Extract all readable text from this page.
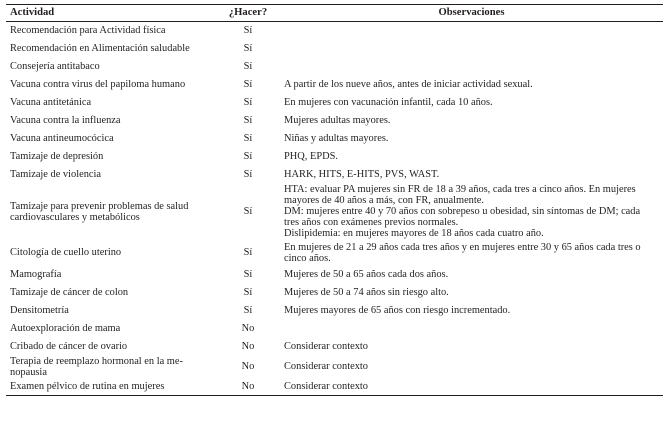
Actividad	¿Hacer?	Observaciones

Recomendación para Actividad física	Sí	

Recomendación en Alimentación saludable	Sí	

Consejería antitabaco	Sí	

Vacuna contra virus del papiloma humano	Sí	A partir de los nueve años, antes de iniciar actividad sexual.

Vacuna antitetánica	Sí	En mujeres con vacunación infantil, cada 10 años.

Vacuna contra la influenza	Sí	Mujeres adultas mayores.

Vacuna antineumocócica	Sí	Niñas y adultas mayores.

Tamizaje de depresión	Sí	PHQ, EPDS.

Tamizaje de violencia	Sí	HARK, HITS, E-HITS, PVS, WAST.

Tamizaje para prevenir problemas de salud
cardiovasculares y metabólicos	Sí	HTA: evaluar PA mujeres sin FR de 18 a 39 años, cada tres a cinco años. En mujeres
mayores de 40 años a más, con FR, anualmente.
DM: mujeres entre 40 y 70 años con sobrepeso u obesidad, sin síntomas de DM; cada
tres años con exámenes previos normales.
Dislipidemia: en mujeres mayores de 18 años cada cuatro año.

Citología de cuello uterino	Sí	En mujeres de 21 a 29 años cada tres años y en mujeres entre 30 y 65 años cada tres o
cinco años.

Mamografía	Sí	Mujeres de 50 a 65 años cada dos años.

Tamizaje de cáncer de colon	Sí	Mujeres de 50 a 74 años sin riesgo alto.

Densitometría	Sí	Mujeres mayores de 65 años con riesgo incrementado.

Autoexploración de mama	No	

Cribado de cáncer de ovario	No	Considerar contexto

Terapia de reemplazo hormonal en la me-
nopausia	No	Considerar contexto

Examen pélvico de rutina en mujeres	No	Considerar contexto
